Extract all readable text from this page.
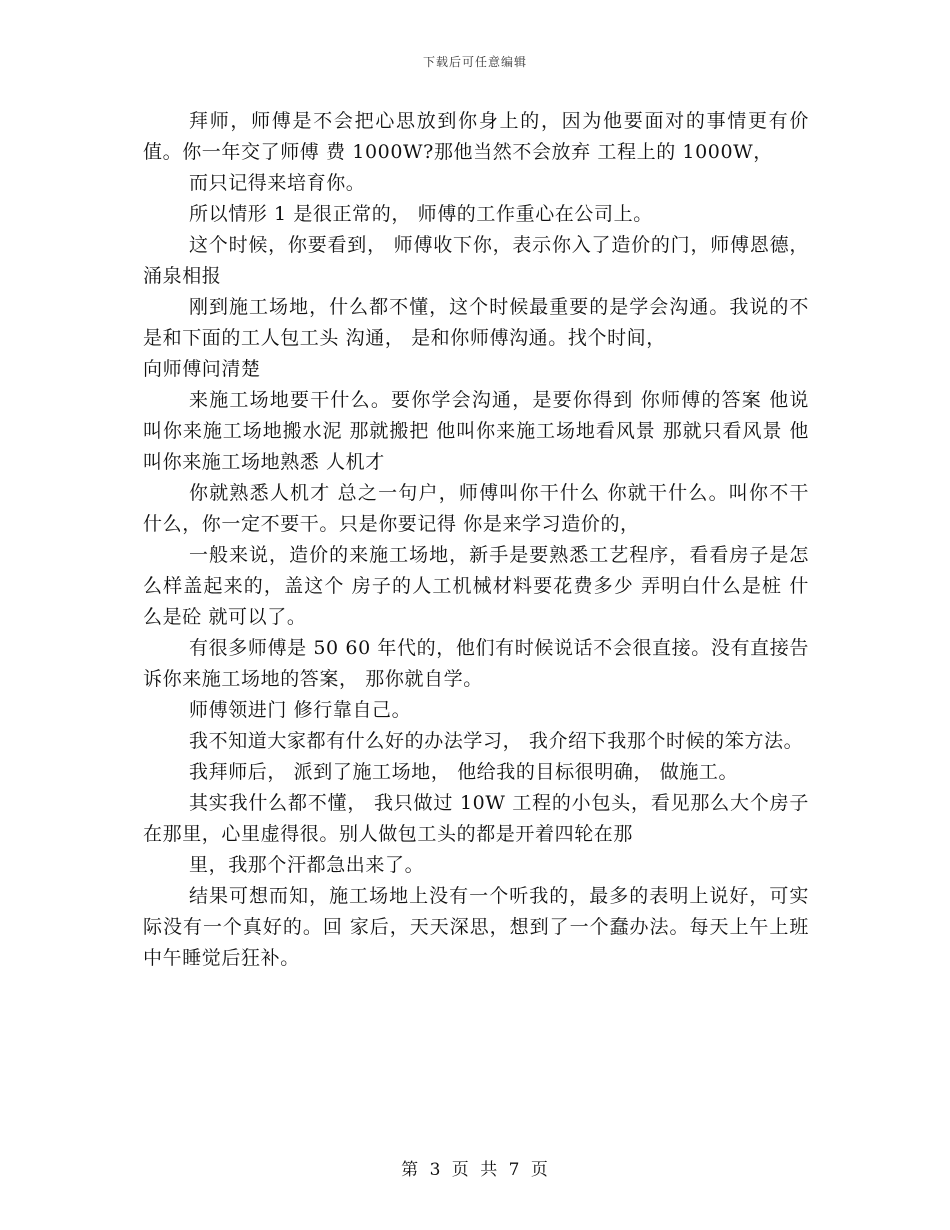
下载后可任意编辑

拜师，师傅是不会把心思放到你身上的，因为他要面对的事情更有价值。你一年交了师傅 费 1000W?那他当然不会放弃 工程上的 1000W，

而只记得来培育你。

所以情形 1 是很正常的， 师傅的工作重心在公司上。

这个时候，你要看到， 师傅收下你，表示你入了造价的门，师傅恩德，涌泉相报

刚到施工场地，什么都不懂，这个时候最重要的是学会沟通。我说的不是和下面的工人包工头 沟通， 是和你师傅沟通。找个时间，

向师傅问清楚

来施工场地要干什么。要你学会沟通，是要你得到 你师傅的答案 他说叫你来施工场地搬水泥 那就搬把 他叫你来施工场地看风景 那就只看风景 他叫你来施工场地熟悉 人机才

你就熟悉人机才 总之一句户，师傅叫你干什么 你就干什么。叫你不干什么，你一定不要干。只是你要记得 你是来学习造价的，

一般来说，造价的来施工场地，新手是要熟悉工艺程序，看看房子是怎么样盖起来的，盖这个 房子的人工机械材料要花费多少 弄明白什么是桩 什么是砼 就可以了。

有很多师傅是 50 60 年代的，他们有时候说话不会很直接。没有直接告诉你来施工场地的答案， 那你就自学。

师傅领进门 修行靠自己。

我不知道大家都有什么好的办法学习， 我介绍下我那个时候的笨方法。

我拜师后， 派到了施工场地， 他给我的目标很明确， 做施工。

其实我什么都不懂， 我只做过 10W 工程的小包头，看见那么大个房子在那里，心里虚得很。别人做包工头的都是开着四轮在那

里，我那个汗都急出来了。

结果可想而知，施工场地上没有一个听我的，最多的表明上说好，可实际没有一个真好的。回 家后，天天深思，想到了一个蠢办法。每天上午上班中午睡觉后狂补。

第 3 页 共 7 页
